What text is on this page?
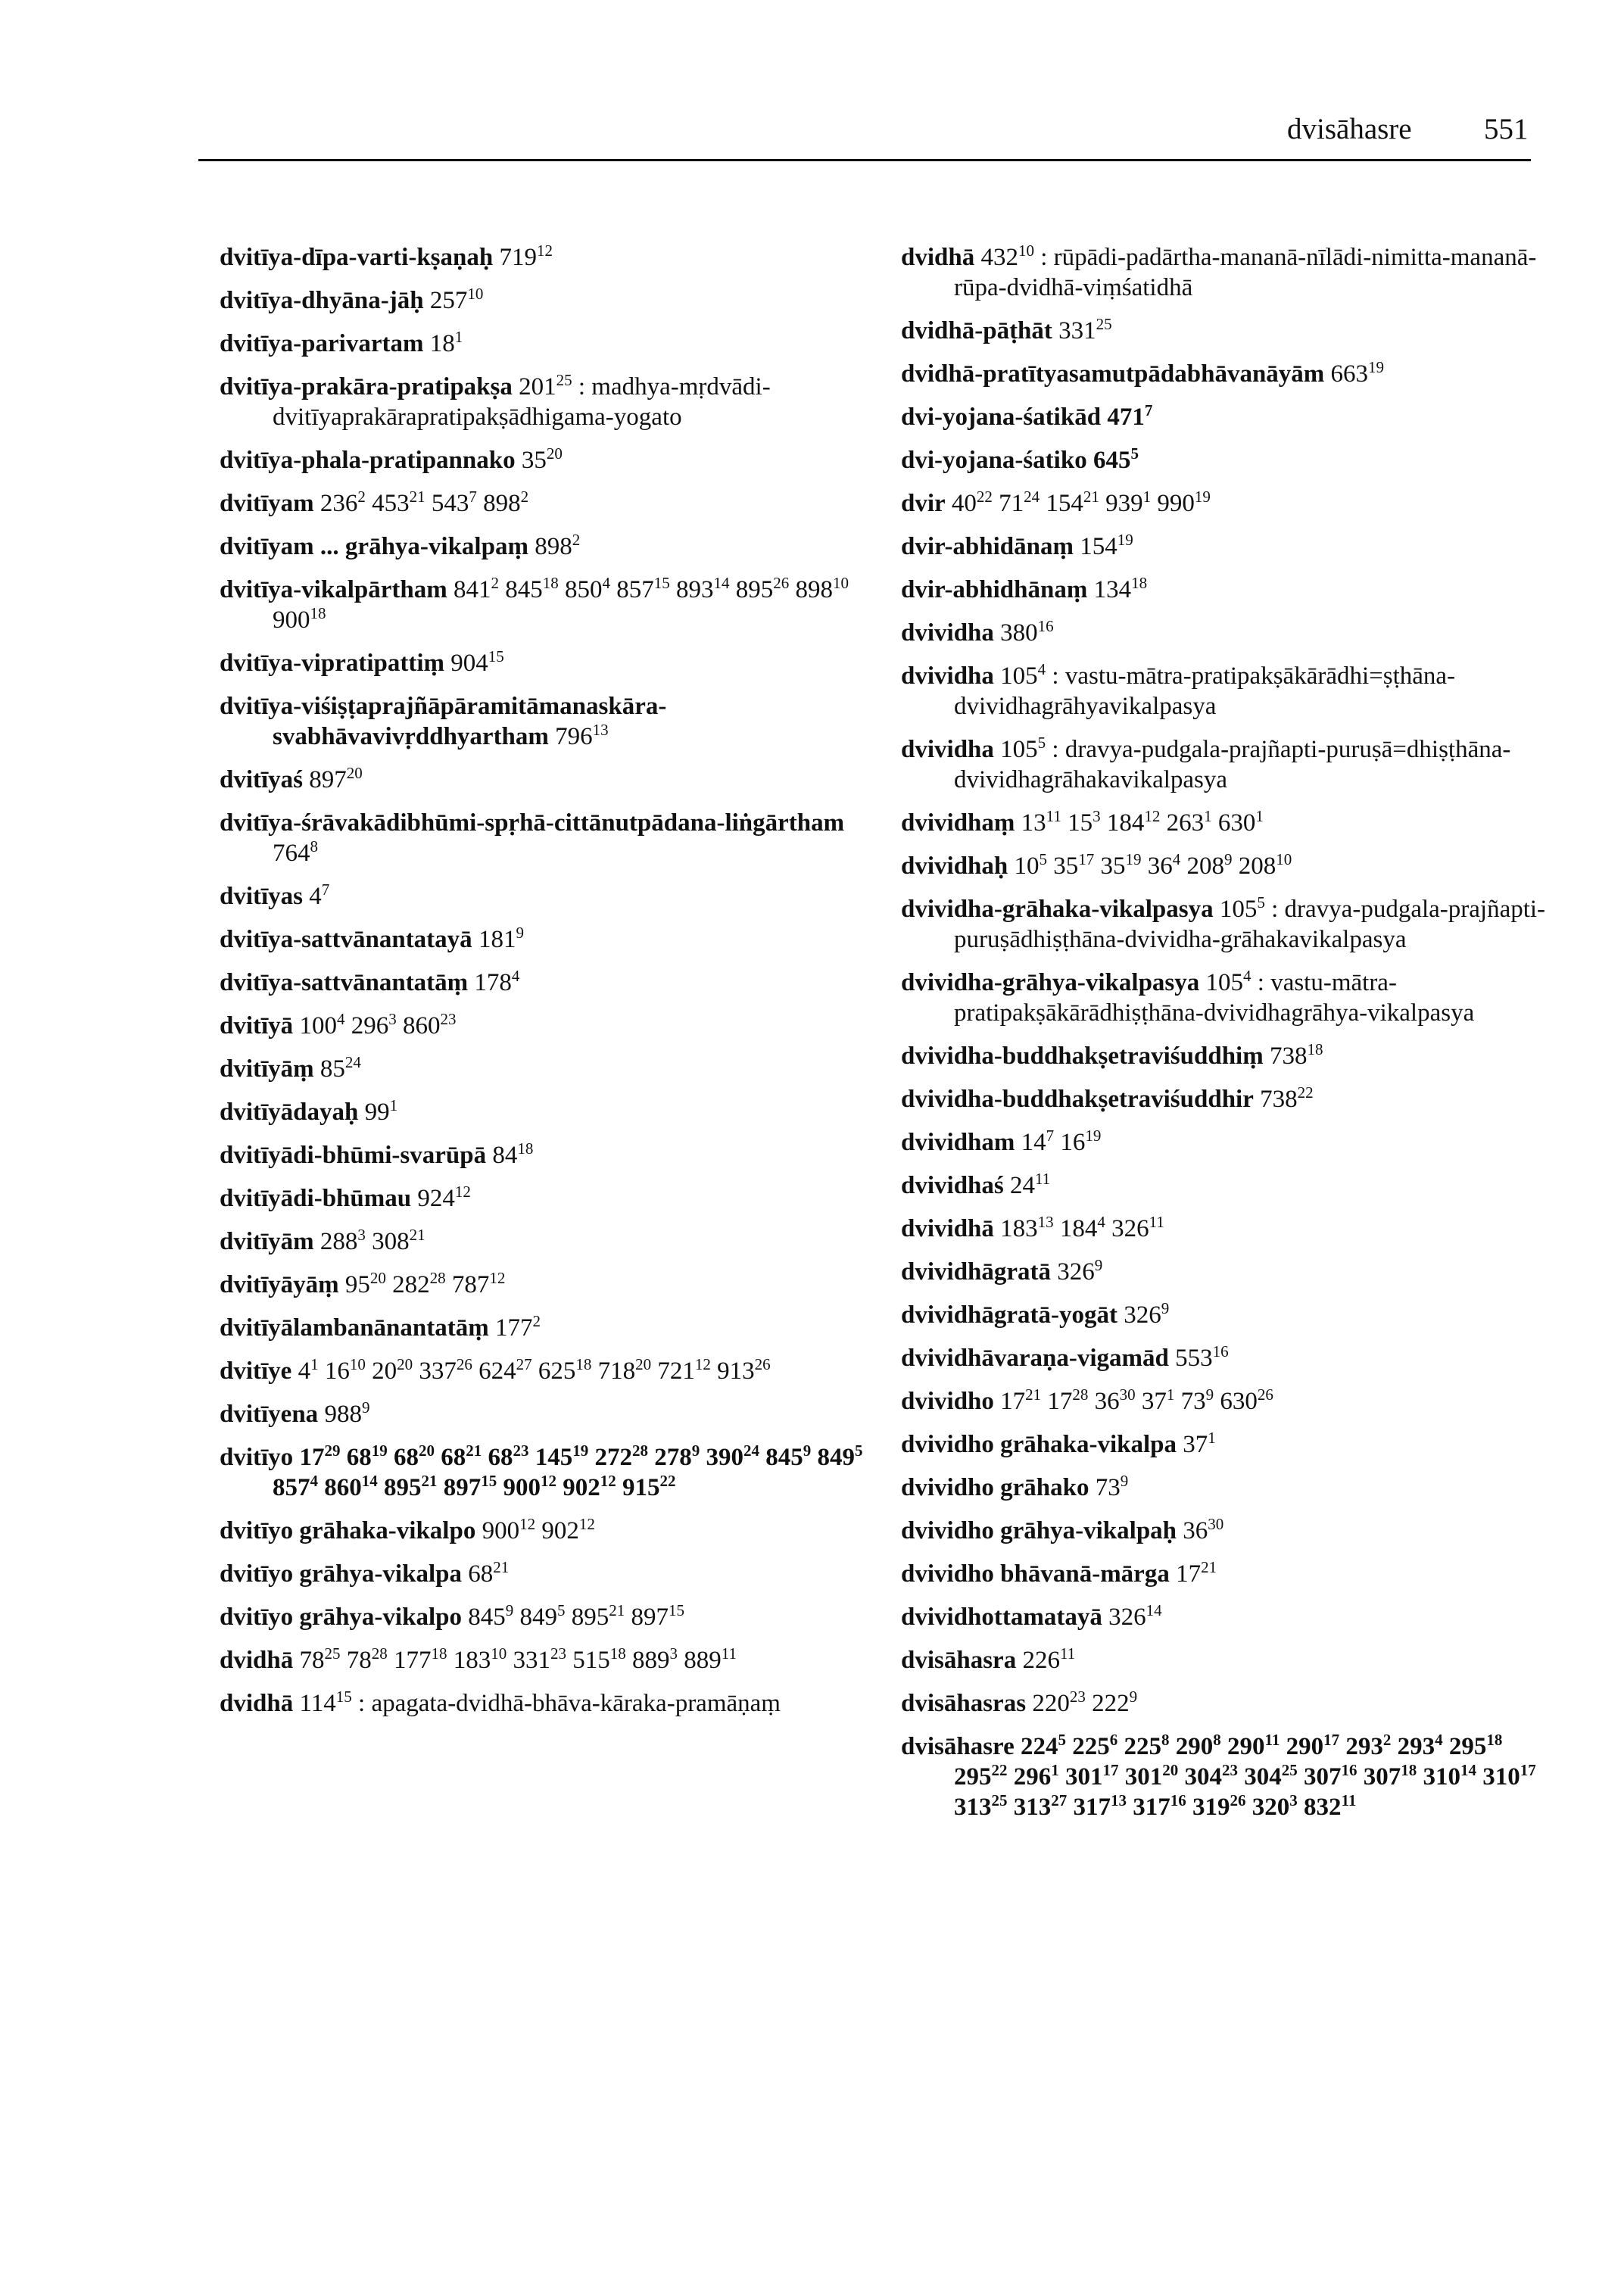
dvisāhasre 551

dvitīya-dīpa-varti-kṣaṇaḥ $719^{12}$

dvitīya-dhyāna-jāḥ $257^{10}$

dvitīya-parivartam $18^1$

dvitīya-prakāra-pratipakṣa $201^{25}$ : madhya-mṛdvādi-dvitīyaprakārapratipakṣādhigama-yogato

dvitīya-phala-pratipannako $35^{20}$

dvitīyam $236^2$ $453^{21}$ $543^7$ $898^2$

dvitīyam ... grāhya-vikalpaṃ $898^2$

dvitīya-vikalpārtham $841^2$ $845^{18}$ $850^4$ $857^{15}$ $893^{14}$ $895^{26}$ $898^{10}$ $900^{18}$

dvitīya-vipratipattiṃ $904^{15}$

dvitīya-viśiṣṭaprajñāpāramitāmanaskāra-svabhāvavivṛddhyartham $796^{13}$

dvitīyaś $897^{20}$

dvitīya-śrāvakādibhūmi-spṛhā-cittānutpādana-liṅgārtham $764^8$

dvitīyas $4^7$

dvitīya-sattvānantatayā $181^9$

dvitīya-sattvānantatāṃ $178^4$

dvitīyā $100^4$ $296^3$ $860^{23}$

dvitīyāṃ $85^{24}$

dvitīyādayaḥ $99^1$

dvitīyādi-bhūmi-svarūpā $84^{18}$

dvitīyādi-bhūmau $924^{12}$

dvitīyām $288^3$ $308^{21}$

dvitīyāyāṃ $95^{20}$ $282^{28}$ $787^{12}$

dvitīyālambanānantatāṃ $177^2$

dvitīye $4^1$ $16^{10}$ $20^{20}$ $337^{26}$ $624^{27}$ $625^{18}$ $718^{20}$ $721^{12}$ $913^{26}$

dvitīyena $988^9$

dvitīyo $17^{29}$ $68^{19}$ $68^{20}$ $68^{21}$ $68^{23}$ $145^{19}$ $272^{28}$ $278^9$ $390^{24}$ $845^9$ $849^5$ $857^4$ $860^{14}$ $895^{21}$ $897^{15}$ $900^{12}$ $902^{12}$ $915^{22}$

dvitīyo grāhaka-vikalpo $900^{12}$ $902^{12}$

dvitīyo grāhya-vikalpa $68^{21}$

dvitīyo grāhya-vikalpo $845^9$ $849^5$ $895^{21}$ $897^{15}$

dvidhā $78^{25}$ $78^{28}$ $177^{18}$ $183^{10}$ $331^{23}$ $515^{18}$ $889^3$ $889^{11}$

dvidhā $114^{15}$ : apagata-dvidhā-bhāva-kāraka-pramāṇaṃ

dvidhā $432^{10}$ : rūpādi-padārtha-mananā-nīlādi-nimitta-mananā-rūpa-dvidhā-viṃśatidhā

dvidhā-pāṭhāt $331^{25}$

dvidhā-pratītyasamutpādabhāvanāyām $663^{19}$

dvi-yojana-śatikād $471^7$

dvi-yojana-śatiko $645^5$

dvir $40^{22}$ $71^{24}$ $154^{21}$ $939^1$ $990^{19}$

dvir-abhidānaṃ $154^{19}$

dvir-abhidhānaṃ $134^{18}$

dvividha $380^{16}$

dvividha $105^4$ : vastu-mātra-pratipakṣākārādhi=ṣṭhāna-dvividhagrāhyavikalpasya

dvividha $105^5$ : dravya-pudgala-prajñapti-puruṣā=dhiṣṭhāna-dvividhagrāhakavikalpasya

dvividhaṃ $13^{11}$ $15^3$ $184^{12}$ $263^1$ $630^1$

dvividhaḥ $10^5$ $35^{17}$ $35^{19}$ $36^4$ $208^9$ $208^{10}$

dvividha-grāhaka-vikalpasya $105^5$ : dravya-pudgala-prajñapti-puruṣādhiṣṭhāna-dvividha-grāhakavikalpasya

dvividha-grāhya-vikalpasya $105^4$ : vastu-mātra-pratipakṣākārādhiṣṭhāna-dvividhagrāhya-vikalpasya

dvividha-buddhakṣetraviśuddhiṃ $738^{18}$

dvividha-buddhakṣetraviśuddhir $738^{22}$

dvividham $14^7$ $16^{19}$

dvividhaś $24^{11}$

dvividhā $183^{13}$ $184^4$ $326^{11}$

dvividhāgratā $326^9$

dvividhāgratā-yogāt $326^9$

dvividhāvaraṇa-vigamād $553^{16}$

dvividho $17^{21}$ $17^{28}$ $36^{30}$ $37^1$ $73^9$ $630^{26}$

dvividho grāhaka-vikalpa $37^1$

dvividho grāhako $73^9$

dvividho grāhya-vikalpaḥ $36^{30}$

dvividho bhāvanā-mārga $17^{21}$

dvividhottamatayā $326^{14}$

dvisāhasra $226^{11}$

dvisāhasras $220^{23}$ $222^9$

dvisāhasre $224^5$ $225^6$ $225^8$ $290^8$ $290^{11}$ $290^{17}$ $293^2$ $293^4$ $295^{18}$ $295^{22}$ $296^1$ $301^{17}$ $301^{20}$ $304^{23}$ $304^{25}$ $307^{16}$ $307^{18}$ $310^{14}$ $310^{17}$ $313^{25}$ $313^{27}$ $317^{13}$ $317^{16}$ $319^{26}$ $320^3$ $832^{11}$
